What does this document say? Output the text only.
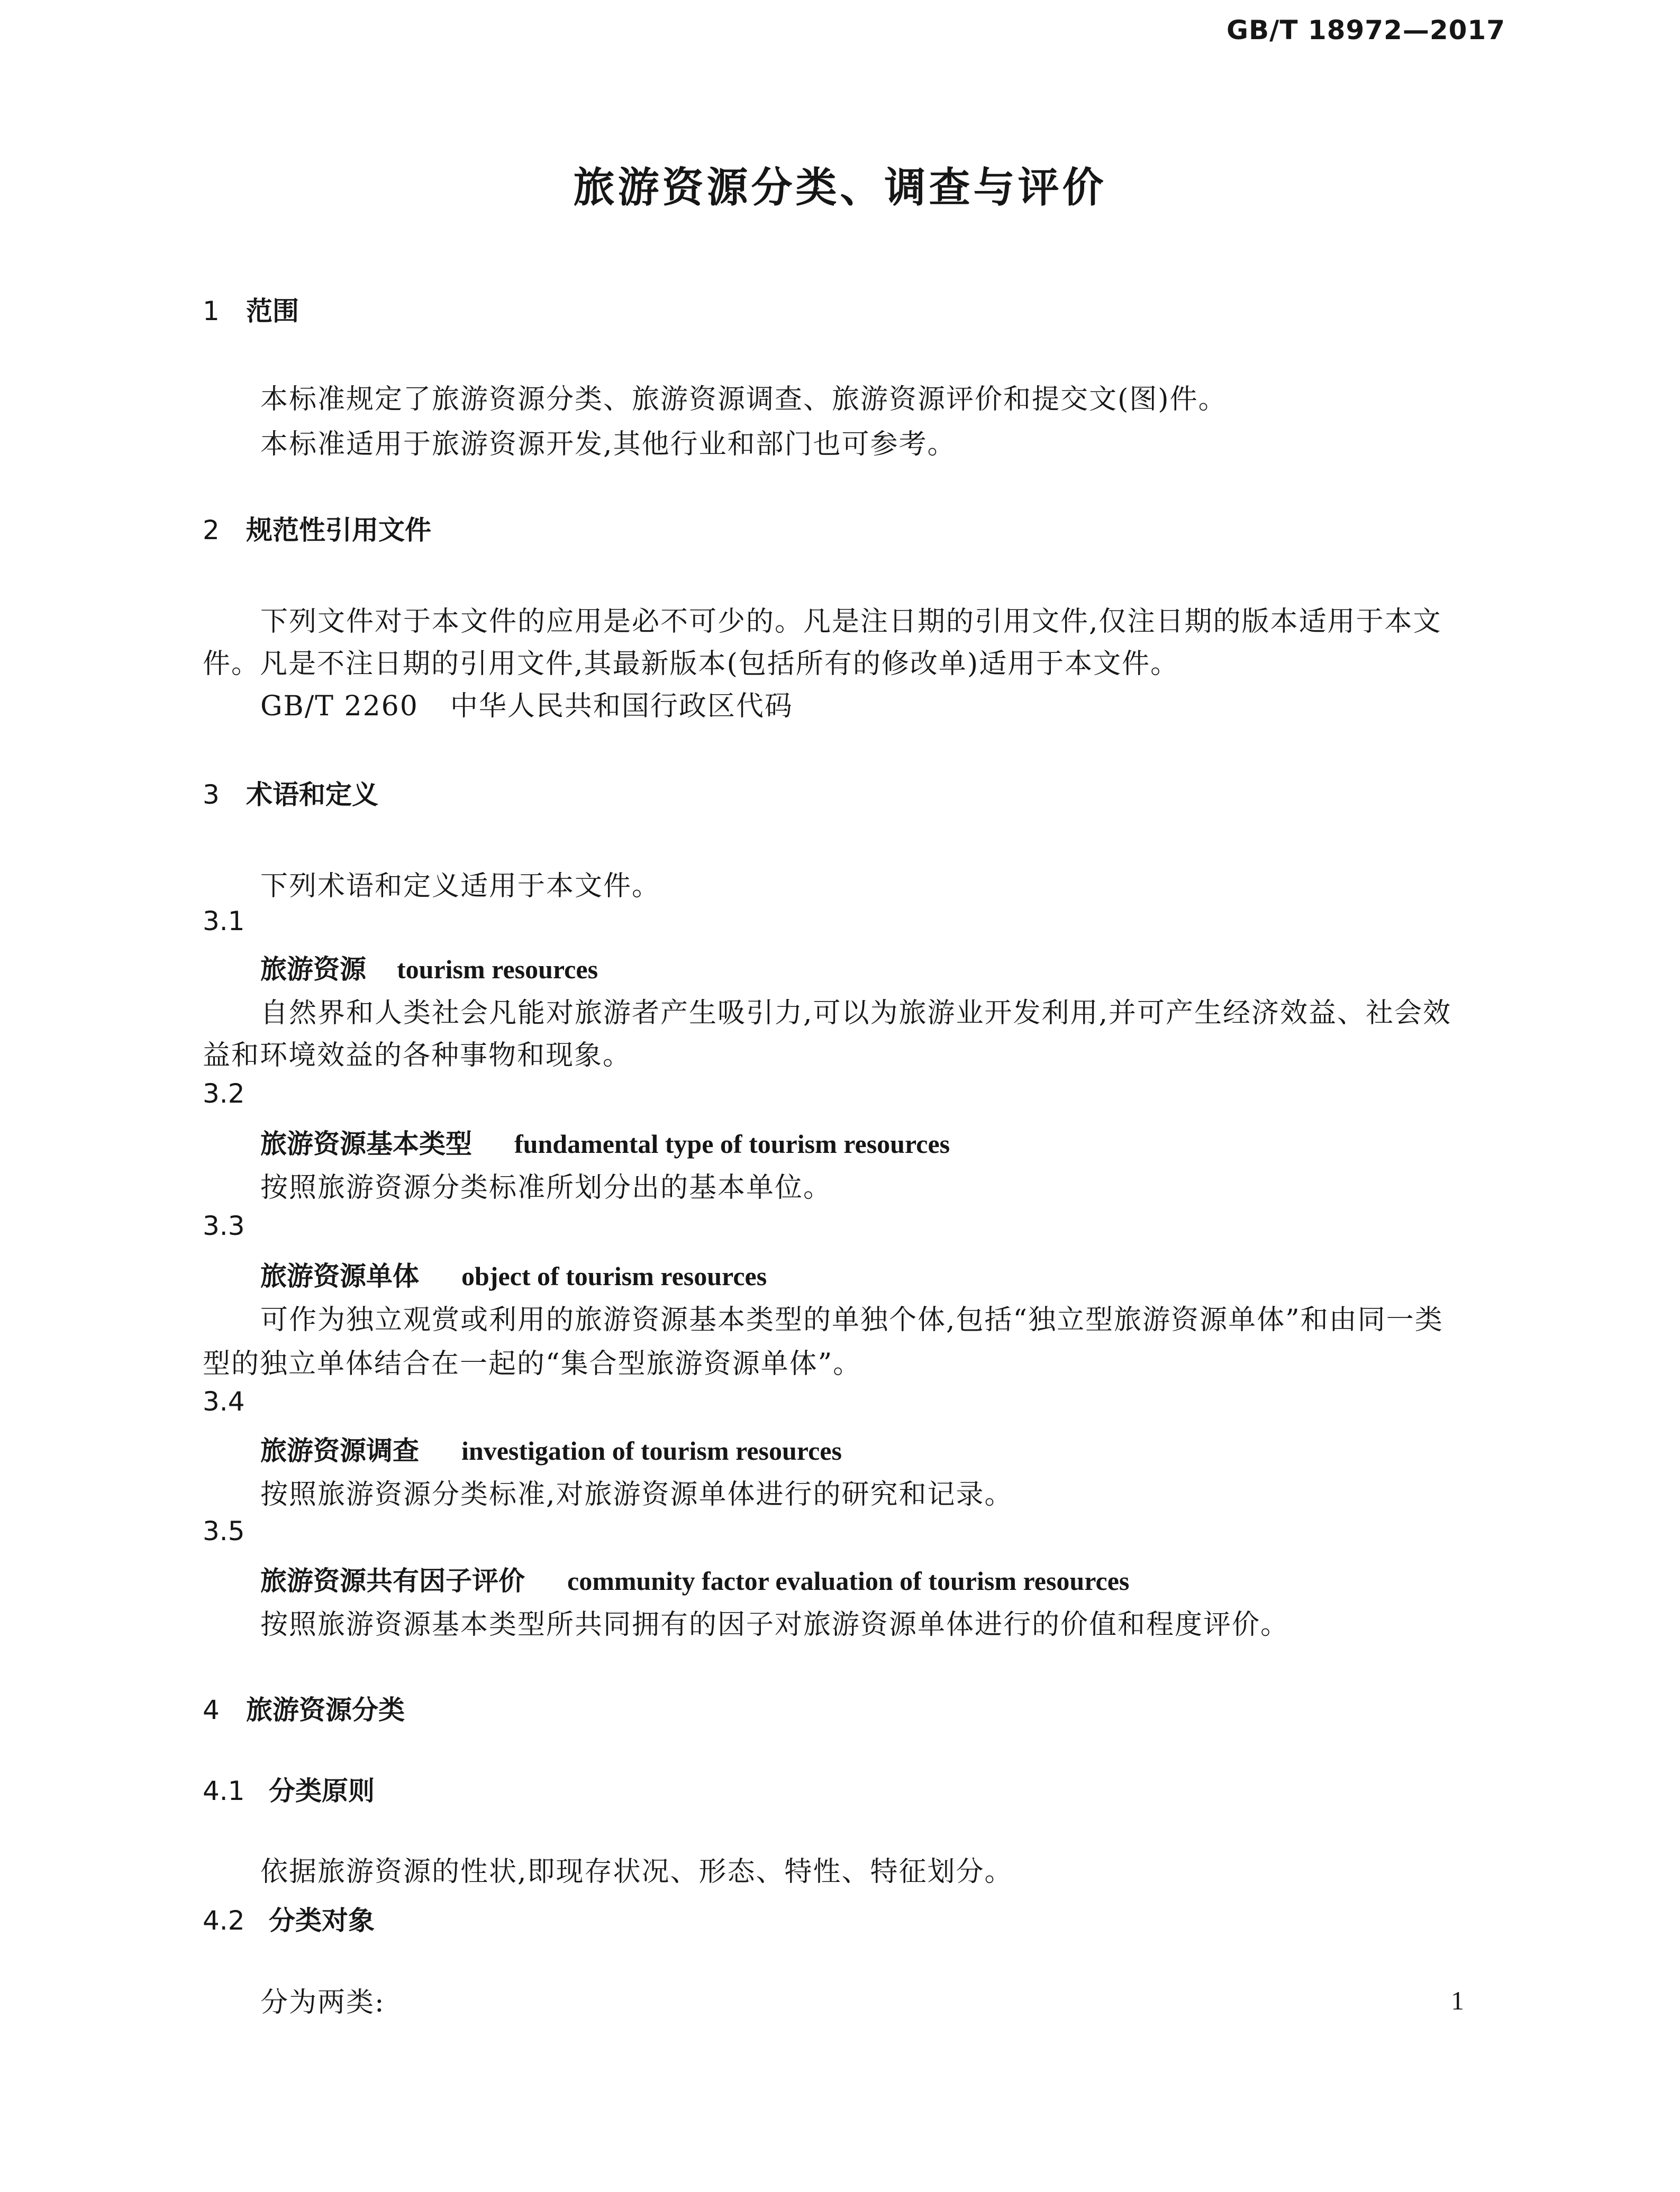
GB/T 18972—2017
旅游资源分类、调查与评价
1 范围
本标准规定了旅游资源分类、旅游资源调查、旅游资源评价和提交文(图)件。
本标准适用于旅游资源开发,其他行业和部门也可参考。
2 规范性引用文件
下列文件对于本文件的应用是必不可少的。凡是注日期的引用文件,仅注日期的版本适用于本文
件。凡是不注日期的引用文件,其最新版本(包括所有的修改单)适用于本文件。
GB/T 2260 中华人民共和国行政区代码
3 术语和定义
下列术语和定义适用于本文件。
3.1
旅游资源 tourism resources
自然界和人类社会凡能对旅游者产生吸引力,可以为旅游业开发利用,并可产生经济效益、社会效
益和环境效益的各种事物和现象。
3.2
旅游资源基本类型 fundamental type of tourism resources
按照旅游资源分类标准所划分出的基本单位。
3.3
旅游资源单体 object of tourism resources
可作为独立观赏或利用的旅游资源基本类型的单独个体,包括“独立型旅游资源单体”和由同一类
型的独立单体结合在一起的“集合型旅游资源单体”。
3.4
旅游资源调查 investigation of tourism resources
按照旅游资源分类标准,对旅游资源单体进行的研究和记录。
3.5
旅游资源共有因子评价 community factor evaluation of tourism resources
按照旅游资源基本类型所共同拥有的因子对旅游资源单体进行的价值和程度评价。
4 旅游资源分类
4.1 分类原则
依据旅游资源的性状,即现存状况、形态、特性、特征划分。
4.2 分类对象
分为两类:	1
